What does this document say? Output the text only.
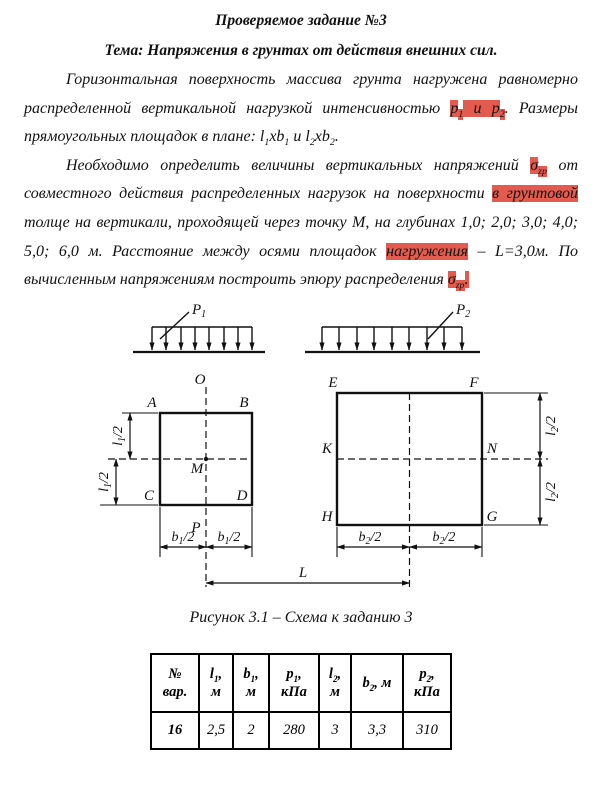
Проверяемое задание №3

Тема: Напряжения в грунтах от действия внешних сил.

Горизонтальная поверхность массива грунта нагружена равномерно распределенной вертикальной нагрузкой интенсивностью $p_1$ и $p_2$. Размеры прямоугольных площадок в плане: $l_1xb_1$ и $l_2xb_2$.

Необходимо определить величины вертикальных напряжений $\sigma_{zp}$ от совместного действия распределенных нагрузок на поверхности в грунтовой толще на вертикали, проходящей через точку М, на глубинах 1,0; 2,0; 3,0; 4,0; 5,0; 6,0 м. Расстояние между осями площадок нагружения – L=3,0м. По вычисленным напряжениям построить эпюру распределения $\sigma_{zp}$.

$P_1$	$P_2$
O
A	B
C	D
M
P
$l_1/2$
$l_1/2$
$b_1/2$ $b_1/2$
E	F
K	N
H	G
$l_2/2$
$l_2/2$
$b_2/2$	$b_2/2$
L

Рисунок 3.1 – Схема к заданию 3

№ вар.	$l_1$, м	$b_1$, м	$p_1$, кПа	$l_2$, м	$b_2$, м	$p_2$, кПа
16	2,5	2	280	3	3,3	310
